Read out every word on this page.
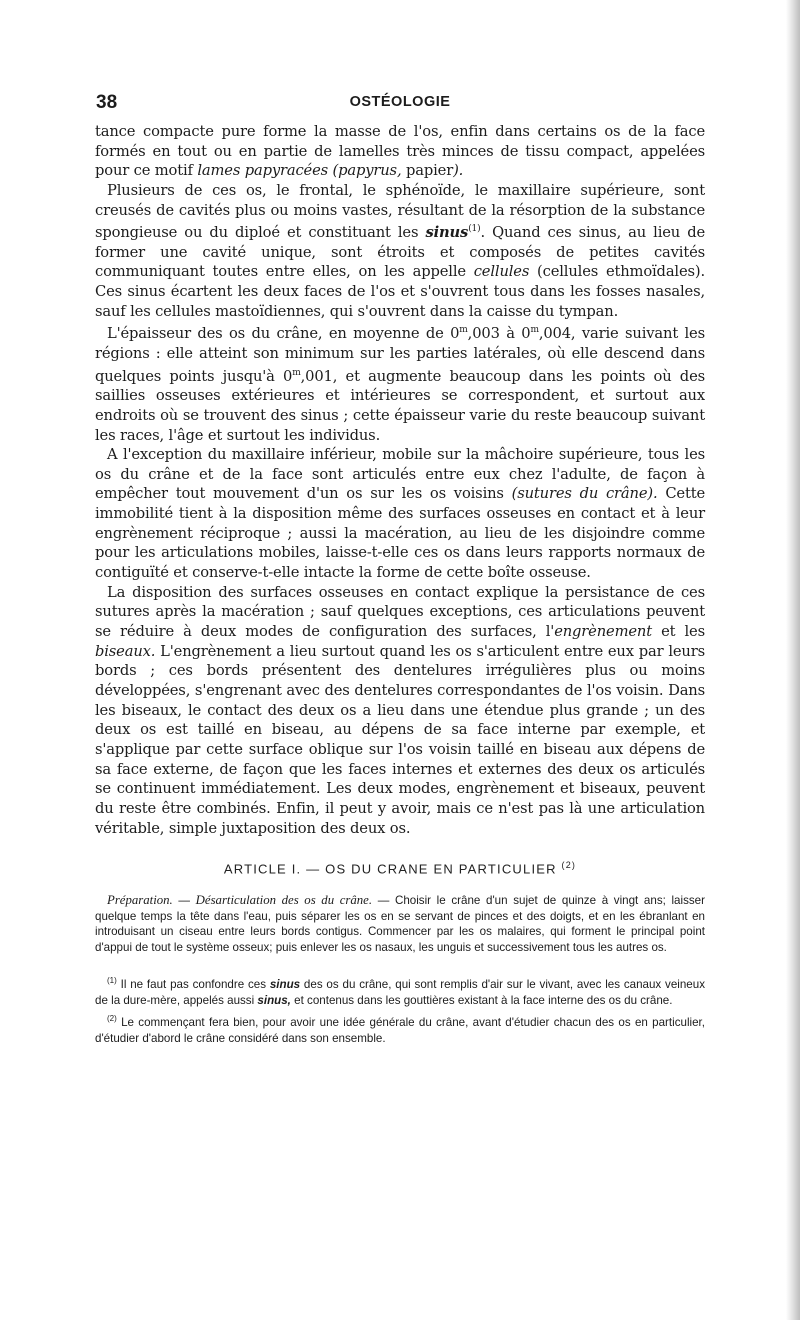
38	OSTÉOLOGIE

tance compacte pure forme la masse de l'os, enfin dans certains os de la face formés en tout ou en partie de lamelles très minces de tissu compact, appelées pour ce motif lames papyracées (papyrus, papier).

Plusieurs de ces os, le frontal, le sphénoïde, le maxillaire supérieure, sont creusés de cavités plus ou moins vastes, résultant de la résorption de la substance spongieuse ou du diploé et constituant les sinus$^{(1)}$. Quand ces sinus, au lieu de former une cavité unique, sont étroits et composés de petites cavités communiquant toutes entre elles, on les appelle cellules (cellules ethmoïdales). Ces sinus écartent les deux faces de l'os et s'ouvrent tous dans les fosses nasales, sauf les cellules mastoïdiennes, qui s'ouvrent dans la caisse du tympan.

L'épaisseur des os du crâne, en moyenne de 0$^m$,003 à 0$^m$,004, varie suivant les régions : elle atteint son minimum sur les parties latérales, où elle descend dans quelques points jusqu'à 0$^m$,001, et augmente beaucoup dans les points où des saillies osseuses extérieures et intérieures se correspondent, et surtout aux endroits où se trouvent des sinus ; cette épaisseur varie du reste beaucoup suivant les races, l'âge et surtout les individus.

A l'exception du maxillaire inférieur, mobile sur la mâchoire supérieure, tous les os du crâne et de la face sont articulés entre eux chez l'adulte, de façon à empêcher tout mouvement d'un os sur les os voisins (sutures du crâne). Cette immobilité tient à la disposition même des surfaces osseuses en contact et à leur engrènement réciproque ; aussi la macération, au lieu de les disjoindre comme pour les articulations mobiles, laisse-t-elle ces os dans leurs rapports normaux de contiguïté et conserve-t-elle intacte la forme de cette boîte osseuse.

La disposition des surfaces osseuses en contact explique la persistance de ces sutures après la macération ; sauf quelques exceptions, ces articulations peuvent se réduire à deux modes de configuration des surfaces, l'engrènement et les biseaux. L'engrènement a lieu surtout quand les os s'articulent entre eux par leurs bords ; ces bords présentent des dentelures irrégulières plus ou moins développées, s'engrenant avec des dentelures correspondantes de l'os voisin. Dans les biseaux, le contact des deux os a lieu dans une étendue plus grande ; un des deux os est taillé en biseau, au dépens de sa face interne par exemple, et s'applique par cette surface oblique sur l'os voisin taillé en biseau aux dépens de sa face externe, de façon que les faces internes et externes des deux os articulés se continuent immédiatement. Les deux modes, engrènement et biseaux, peuvent du reste être combinés. Enfin, il peut y avoir, mais ce n'est pas là une articulation véritable, simple juxtaposition des deux os.

ARTICLE I. — OS DU CRANE EN PARTICULIER $^{(2)}$

Préparation. — Désarticulation des os du crâne. — Choisir le crâne d'un sujet de quinze à vingt ans; laisser quelque temps la tête dans l'eau, puis séparer les os en se servant de pinces et des doigts, et en les ébranlant en introduisant un ciseau entre leurs bords contigus. Commencer par les os malaires, qui forment le principal point d'appui de tout le système osseux; puis enlever les os nasaux, les unguis et successivement tous les autres os.

$^{(1)}$ Il ne faut pas confondre ces sinus des os du crâne, qui sont remplis d'air sur le vivant, avec les canaux veineux de la dure-mère, appelés aussi sinus, et contenus dans les gouttières existant à la face interne des os du crâne.

$^{(2)}$ Le commençant fera bien, pour avoir une idée générale du crâne, avant d'étudier chacun des os en particulier, d'étudier d'abord le crâne considéré dans son ensemble.
